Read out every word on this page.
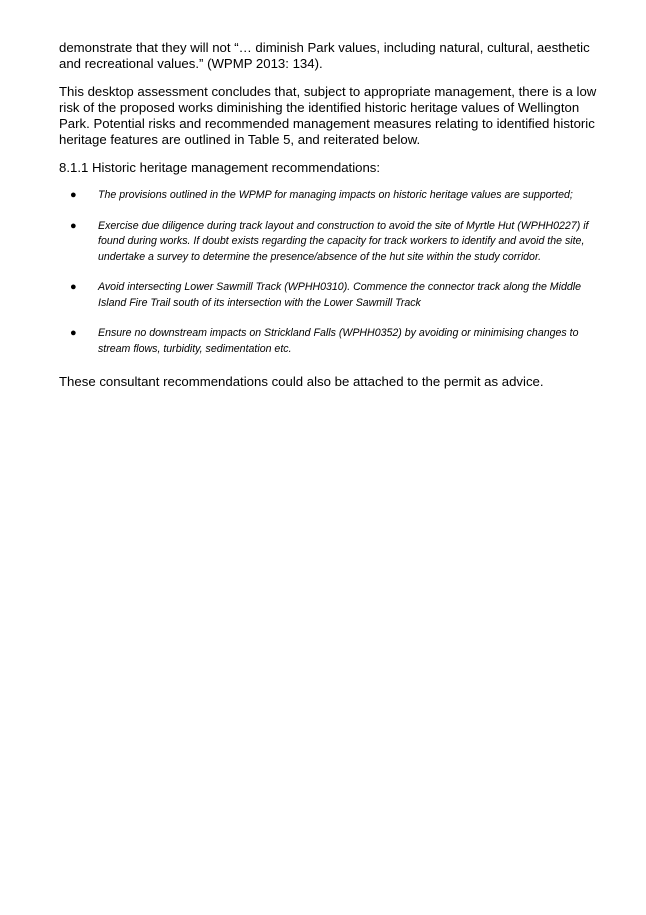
demonstrate that they will not “… diminish Park values, including natural, cultural, aesthetic and recreational values.” (WPMP 2013: 134).

This desktop assessment concludes that, subject to appropriate management, there is a low risk of the proposed works diminishing the identified historic heritage values of Wellington Park. Potential risks and recommended management measures relating to identified historic heritage features are outlined in Table 5, and reiterated below.

8.1.1 Historic heritage management recommendations:

● The provisions outlined in the WPMP for managing impacts on historic heritage values are supported;
● Exercise due diligence during track layout and construction to avoid the site of Myrtle Hut (WPHH0227) if found during works. If doubt exists regarding the capacity for track workers to identify and avoid the site, undertake a survey to determine the presence/absence of the hut site within the study corridor.
● Avoid intersecting Lower Sawmill Track (WPHH0310). Commence the connector track along the Middle Island Fire Trail south of its intersection with the Lower Sawmill Track
● Ensure no downstream impacts on Strickland Falls (WPHH0352) by avoiding or minimising changes to stream flows, turbidity, sedimentation etc.

These consultant recommendations could also be attached to the permit as advice.
